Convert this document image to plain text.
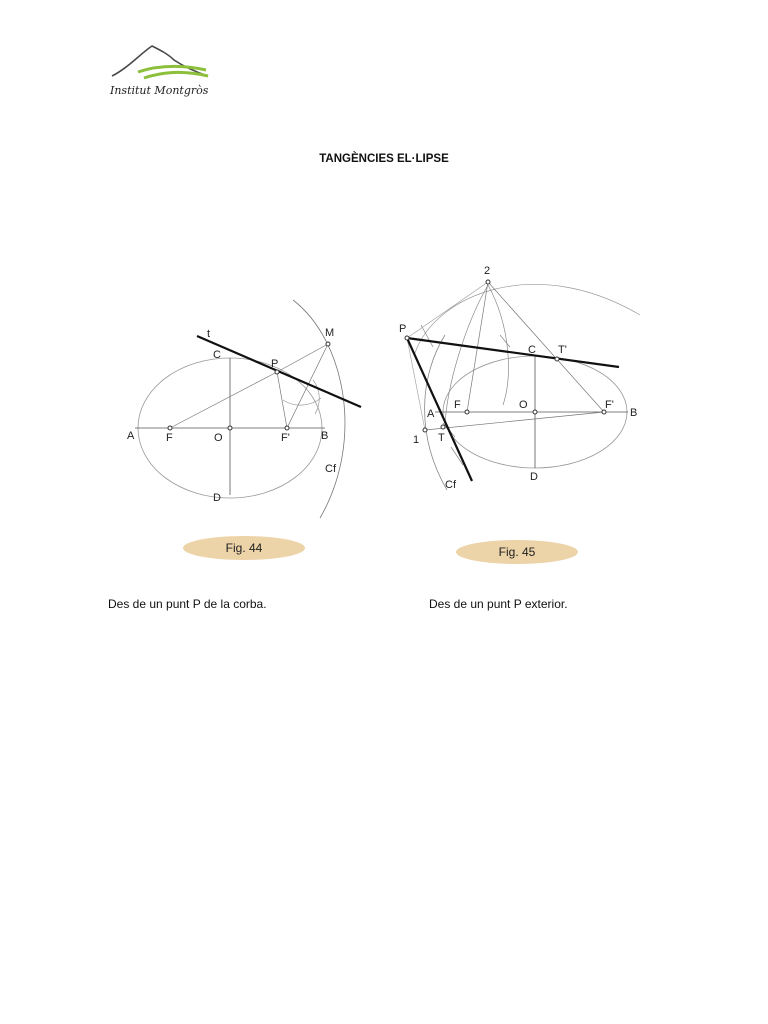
Institut Montgròs
TANGÈNCIES EL·LIPSE
A	F	O	F'	B
C
D
P
M
t
Cf
Fig. 44
Des de un punt P de la corba.
P
2
1
A
T
F	O	F'
B
C T'
D
Cf
Fig. 45
Des de un punt P exterior.
